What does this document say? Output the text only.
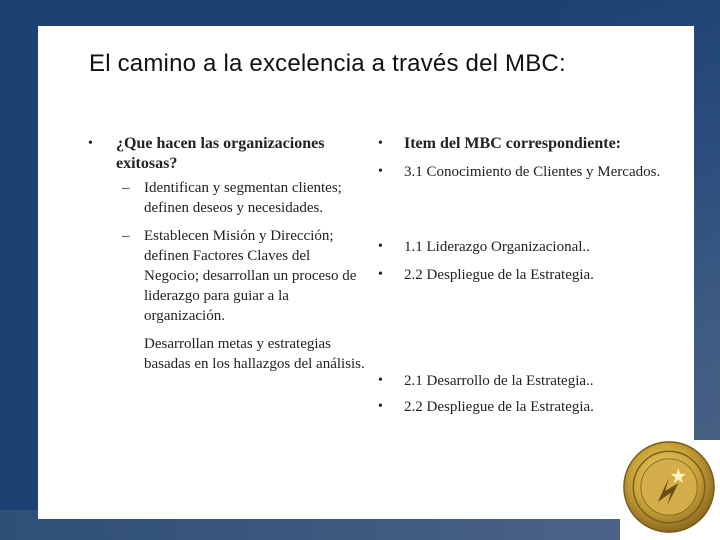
El camino a la excelencia a través del MBC:
•	¿Que hacen las organizaciones exitosas?
– Identifican y segmentan clientes; definen deseos y necesidades.
– Establecen Misión y Dirección; definen Factores Claves del Negocio; desarrollan un proceso de liderazgo para guiar a la organización.
Desarrollan metas y estrategias basadas en los hallazgos del análisis.
•	Item del MBC correspondiente:
•	3.1 Conocimiento de Clientes y Mercados.
•	1.1 Liderazgo Organizacional..
•	2.2 Despliegue de la Estrategia.
•	2.1 Desarrollo de la Estrategia..
•	2.2 Despliegue de la Estrategia.
